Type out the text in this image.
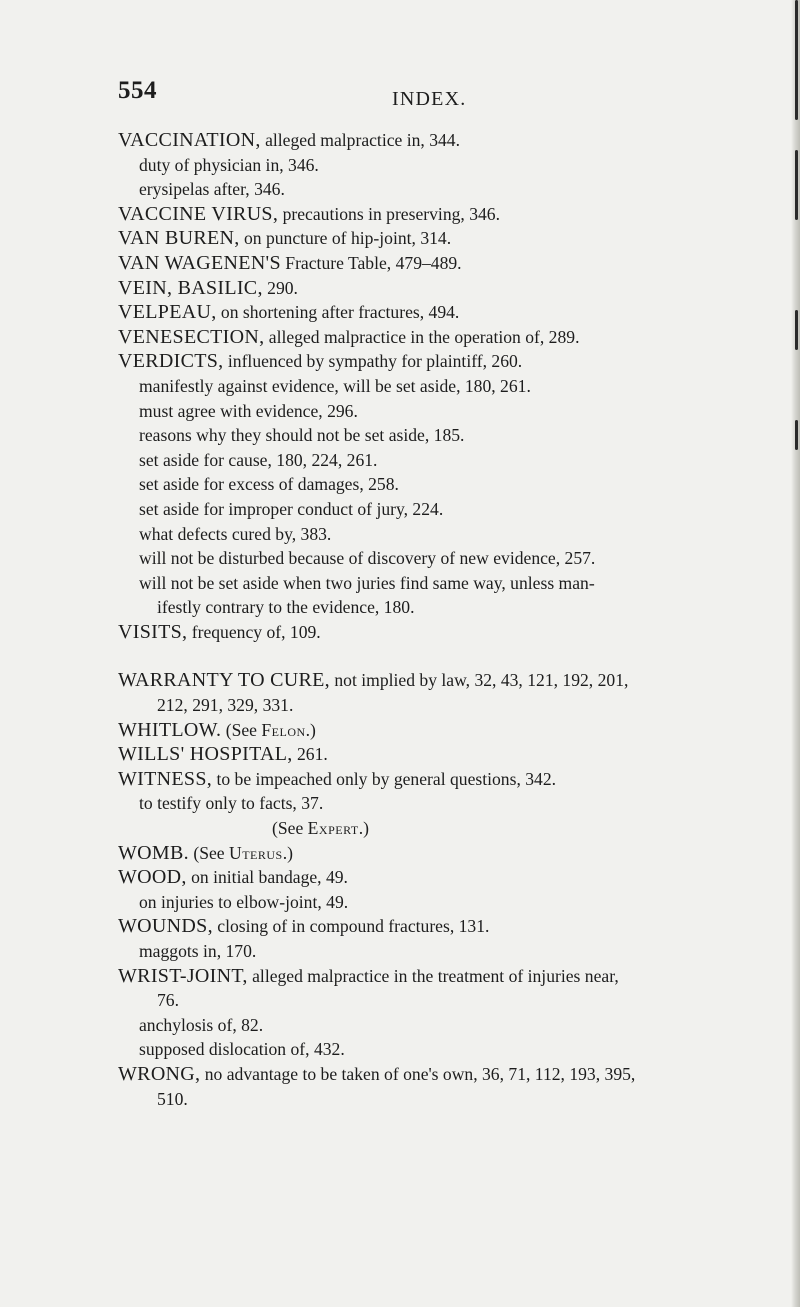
554	INDEX.
VACCINATION, alleged malpractice in, 344.
duty of physician in, 346.
erysipelas after, 346.
VACCINE VIRUS, precautions in preserving, 346.
VAN BUREN, on puncture of hip-joint, 314.
VAN WAGENEN'S Fracture Table, 479–489.
VEIN, BASILIC, 290.
VELPEAU, on shortening after fractures, 494.
VENESECTION, alleged malpractice in the operation of, 289.
VERDICTS, influenced by sympathy for plaintiff, 260.
manifestly against evidence, will be set aside, 180, 261.
must agree with evidence, 296.
reasons why they should not be set aside, 185.
set aside for cause, 180, 224, 261.
set aside for excess of damages, 258.
set aside for improper conduct of jury, 224.
what defects cured by, 383.
will not be disturbed because of discovery of new evidence, 257.
will not be set aside when two juries find same way, unless man-
ifestly contrary to the evidence, 180.
VISITS, frequency of, 109.
WARRANTY TO CURE, not implied by law, 32, 43, 121, 192, 201,
212, 291, 329, 331.
WHITLOW. (See Felon.)
WILLS' HOSPITAL, 261.
WITNESS, to be impeached only by general questions, 342.
to testify only to facts, 37.
(See Expert.)
WOMB. (See Uterus.)
WOOD, on initial bandage, 49.
on injuries to elbow-joint, 49.
WOUNDS, closing of in compound fractures, 131.
maggots in, 170.
WRIST-JOINT, alleged malpractice in the treatment of injuries near,
76.
anchylosis of, 82.
supposed dislocation of, 432.
WRONG, no advantage to be taken of one's own, 36, 71, 112, 193, 395,
510.
